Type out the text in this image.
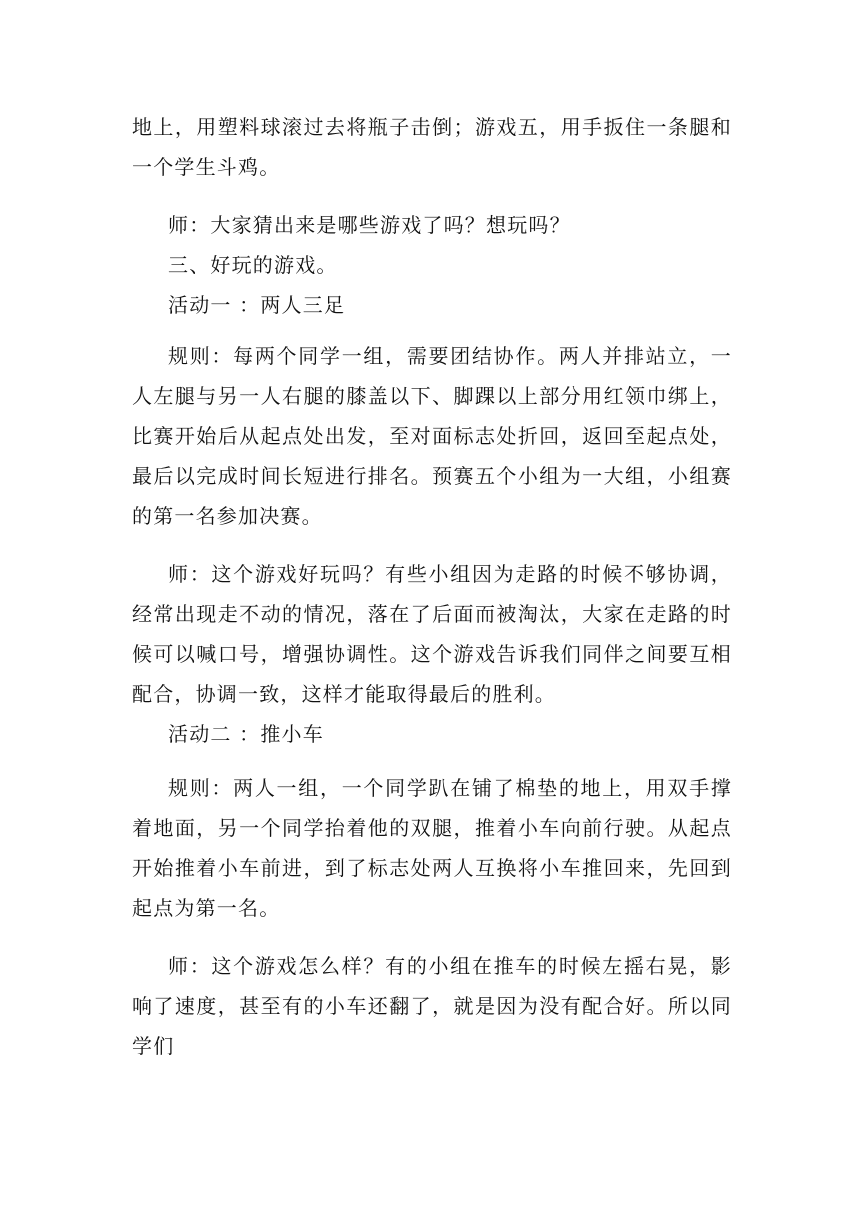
地上，用塑料球滚过去将瓶子击倒；游戏五，用手扳住一条腿和一个学生斗鸡。

师：大家猜出来是哪些游戏了吗？想玩吗？

三、好玩的游戏。

活动一 ：两人三足

规则：每两个同学一组，需要团结协作。两人并排站立，一人左腿与另一人右腿的膝盖以下、脚踝以上部分用红领巾绑上，比赛开始后从起点处出发，至对面标志处折回，返回至起点处，最后以完成时间长短进行排名。预赛五个小组为一大组，小组赛的第一名参加决赛。

师：这个游戏好玩吗？有些小组因为走路的时候不够协调，经常出现走不动的情况，落在了后面而被淘汰，大家在走路的时候可以喊口号，增强协调性。这个游戏告诉我们同伴之间要互相配合，协调一致，这样才能取得最后的胜利。

活动二 ：推小车

规则：两人一组，一个同学趴在铺了棉垫的地上，用双手撑着地面，另一个同学抬着他的双腿，推着小车向前行驶。从起点开始推着小车前进，到了标志处两人互换将小车推回来，先回到起点为第一名。

师：这个游戏怎么样？有的小组在推车的时候左摇右晃，影响了速度，甚至有的小车还翻了，就是因为没有配合好。所以同学们
